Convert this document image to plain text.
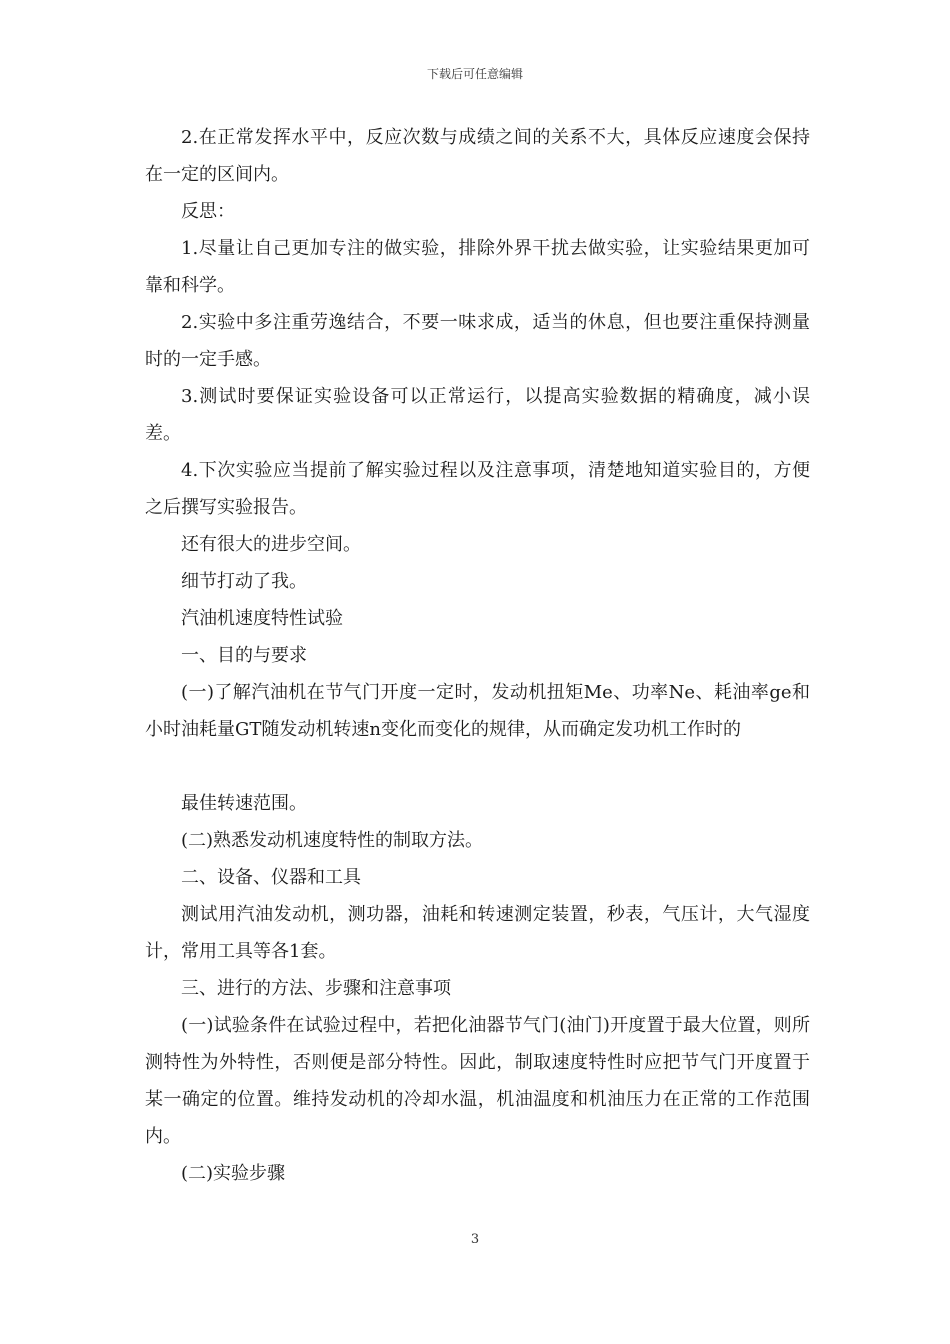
下载后可任意编辑

2.在正常发挥水平中，反应次数与成绩之间的关系不大，具体反应速度会保持在一定的区间内。

反思：

1.尽量让自己更加专注的做实验，排除外界干扰去做实验，让实验结果更加可靠和科学。

2.实验中多注重劳逸结合，不要一味求成，适当的休息，但也要注重保持测量时的一定手感。

3.测试时要保证实验设备可以正常运行，以提高实验数据的精确度，减小误差。

4.下次实验应当提前了解实验过程以及注意事项，清楚地知道实验目的，方便之后撰写实验报告。

还有很大的进步空间。

细节打动了我。

汽油机速度特性试验

一、目的与要求

(一)了解汽油机在节气门开度一定时，发动机扭矩Me、功率Ne、耗油率ge和小时油耗量GT随发动机转速n变化而变化的规律，从而确定发功机工作时的

最佳转速范围。

(二)熟悉发动机速度特性的制取方法。

二、设备、仪器和工具

测试用汽油发动机，测功器，油耗和转速测定装置，秒表，气压计，大气湿度计，常用工具等各1套。

三、进行的方法、步骤和注意事项

(一)试验条件在试验过程中，若把化油器节气门(油门)开度置于最大位置，则所测特性为外特性，否则便是部分特性。因此，制取速度特性时应把节气门开度置于某一确定的位置。维持发动机的冷却水温，机油温度和机油压力在正常的工作范围内。

(二)实验步骤

3
